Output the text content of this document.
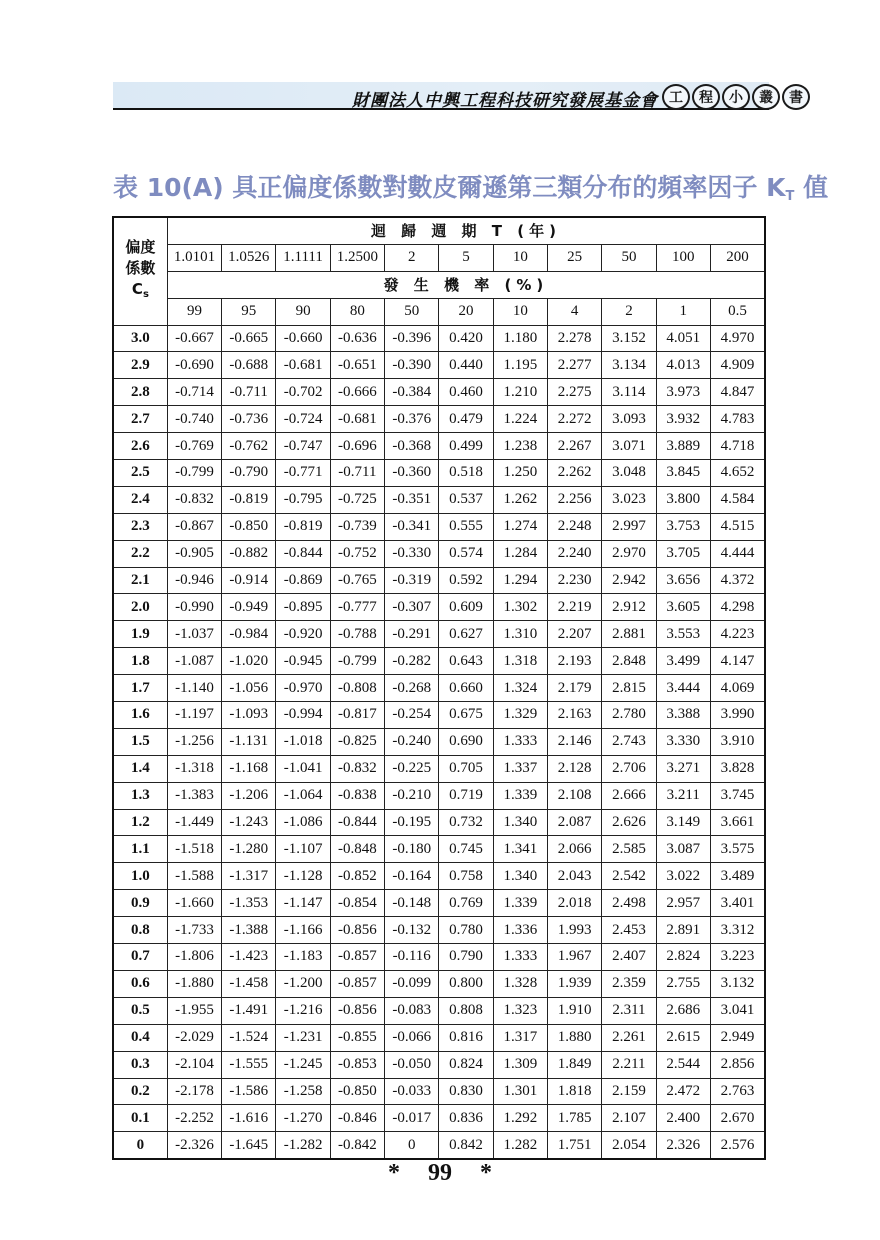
財團法人中興工程科技研究發展基金會 工	程	小	叢	書
表 10(A) 具正偏度係數對數皮爾遜第三類分布的頻率因子 KT 值
偏度
係數
$C_s$	迴 歸 週 期 T (年)										
	1.0101	1.0526	1.1111	1.2500	2	5	10	25	50	100	200
	發 生 機 率 (%)										
	99	95	90	80	50	20	10	4	2	1	0.5
3.0	-0.667	-0.665	-0.660	-0.636	-0.396	0.420	1.180	2.278	3.152	4.051	4.970
2.9	-0.690	-0.688	-0.681	-0.651	-0.390	0.440	1.195	2.277	3.134	4.013	4.909
2.8	-0.714	-0.711	-0.702	-0.666	-0.384	0.460	1.210	2.275	3.114	3.973	4.847
2.7	-0.740	-0.736	-0.724	-0.681	-0.376	0.479	1.224	2.272	3.093	3.932	4.783
2.6	-0.769	-0.762	-0.747	-0.696	-0.368	0.499	1.238	2.267	3.071	3.889	4.718
2.5	-0.799	-0.790	-0.771	-0.711	-0.360	0.518	1.250	2.262	3.048	3.845	4.652
2.4	-0.832	-0.819	-0.795	-0.725	-0.351	0.537	1.262	2.256	3.023	3.800	4.584
2.3	-0.867	-0.850	-0.819	-0.739	-0.341	0.555	1.274	2.248	2.997	3.753	4.515
2.2	-0.905	-0.882	-0.844	-0.752	-0.330	0.574	1.284	2.240	2.970	3.705	4.444
2.1	-0.946	-0.914	-0.869	-0.765	-0.319	0.592	1.294	2.230	2.942	3.656	4.372
2.0	-0.990	-0.949	-0.895	-0.777	-0.307	0.609	1.302	2.219	2.912	3.605	4.298
1.9	-1.037	-0.984	-0.920	-0.788	-0.291	0.627	1.310	2.207	2.881	3.553	4.223
1.8	-1.087	-1.020	-0.945	-0.799	-0.282	0.643	1.318	2.193	2.848	3.499	4.147
1.7	-1.140	-1.056	-0.970	-0.808	-0.268	0.660	1.324	2.179	2.815	3.444	4.069
1.6	-1.197	-1.093	-0.994	-0.817	-0.254	0.675	1.329	2.163	2.780	3.388	3.990
1.5	-1.256	-1.131	-1.018	-0.825	-0.240	0.690	1.333	2.146	2.743	3.330	3.910
1.4	-1.318	-1.168	-1.041	-0.832	-0.225	0.705	1.337	2.128	2.706	3.271	3.828
1.3	-1.383	-1.206	-1.064	-0.838	-0.210	0.719	1.339	2.108	2.666	3.211	3.745
1.2	-1.449	-1.243	-1.086	-0.844	-0.195	0.732	1.340	2.087	2.626	3.149	3.661
1.1	-1.518	-1.280	-1.107	-0.848	-0.180	0.745	1.341	2.066	2.585	3.087	3.575
1.0	-1.588	-1.317	-1.128	-0.852	-0.164	0.758	1.340	2.043	2.542	3.022	3.489
0.9	-1.660	-1.353	-1.147	-0.854	-0.148	0.769	1.339	2.018	2.498	2.957	3.401
0.8	-1.733	-1.388	-1.166	-0.856	-0.132	0.780	1.336	1.993	2.453	2.891	3.312
0.7	-1.806	-1.423	-1.183	-0.857	-0.116	0.790	1.333	1.967	2.407	2.824	3.223
0.6	-1.880	-1.458	-1.200	-0.857	-0.099	0.800	1.328	1.939	2.359	2.755	3.132
0.5	-1.955	-1.491	-1.216	-0.856	-0.083	0.808	1.323	1.910	2.311	2.686	3.041
0.4	-2.029	-1.524	-1.231	-0.855	-0.066	0.816	1.317	1.880	2.261	2.615	2.949
0.3	-2.104	-1.555	-1.245	-0.853	-0.050	0.824	1.309	1.849	2.211	2.544	2.856
0.2	-2.178	-1.586	-1.258	-0.850	-0.033	0.830	1.301	1.818	2.159	2.472	2.763
0.1	-2.252	-1.616	-1.270	-0.846	-0.017	0.836	1.292	1.785	2.107	2.400	2.670
0	-2.326	-1.645	-1.282	-0.842	0	0.842	1.282	1.751	2.054	2.326	2.576
* 99 *
